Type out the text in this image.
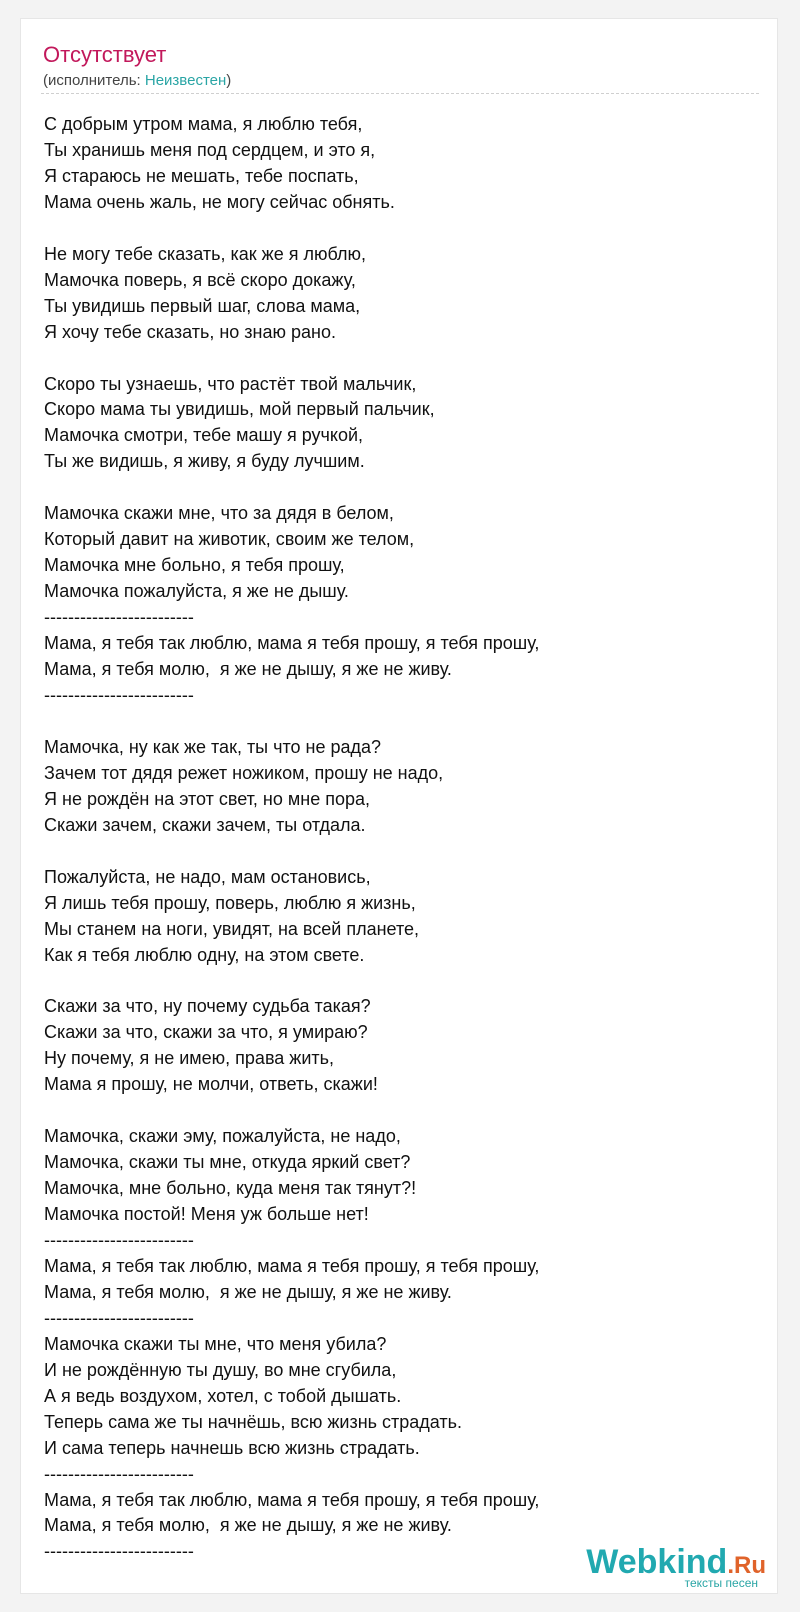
Отсутствует
(исполнитель: Неизвестен)
С добрым утром мама, я люблю тебя,
Ты хранишь меня под сердцем, и это я,
Я стараюсь не мешать, тебе поспать,
Мама очень жаль, не могу сейчас обнять.

Не могу тебе сказать, как же я люблю,
Мамочка поверь, я всё скоро докажу,
Ты увидишь первый шаг, слова мама,
Я хочу тебе сказать, но знаю рано.

Скоро ты узнаешь, что растёт твой мальчик,
Скоро мама ты увидишь, мой первый пальчик,
Мамочка смотри, тебе машу я ручкой,
Ты же видишь, я живу, я буду лучшим.

Мамочка скажи мне, что за дядя в белом,
Который давит на животик, своим же телом,
Мамочка мне больно, я тебя прошу,
Мамочка пожалуйста, я же не дышу.
-------------------------
Мама, я тебя так люблю, мама я тебя прошу, я тебя прошу,
Мама, я тебя молю,  я же не дышу, я же не живу.
-------------------------

Мамочка, ну как же так, ты что не рада?
Зачем тот дядя режет ножиком, прошу не надо,
Я не рождён на этот свет, но мне пора,
Скажи зачем, скажи зачем, ты отдала.

Пожалуйста, не надо, мам остановись,
Я лишь тебя прошу, поверь, люблю я жизнь,
Мы станем на ноги, увидят, на всей планете,
Как я тебя люблю одну, на этом свете.

Скажи за что, ну почему судьба такая?
Скажи за что, скажи за что, я умираю?
Ну почему, я не имею, права жить,
Мама я прошу, не молчи, ответь, скажи!

Мамочка, скажи эму, пожалуйста, не надо,
Мамочка, скажи ты мне, откуда яркий свет?
Мамочка, мне больно, куда меня так тянут?!
Мамочка постой! Меня уж больше нет!
-------------------------
Мама, я тебя так люблю, мама я тебя прошу, я тебя прошу,
Мама, я тебя молю,  я же не дышу, я же не живу.
-------------------------
Мамочка скажи ты мне, что меня убила?
И не рождённую ты душу, во мне сгубила,
А я ведь воздухом, хотел, с тобой дышать.
Теперь сама же ты начнёшь, всю жизнь страдать.
И сама теперь начнешь всю жизнь страдать.
-------------------------
Мама, я тебя так люблю, мама я тебя прошу, я тебя прошу,
Мама, я тебя молю,  я же не дышу, я же не живу.
-------------------------	Webkind.Ru
тексты песен
